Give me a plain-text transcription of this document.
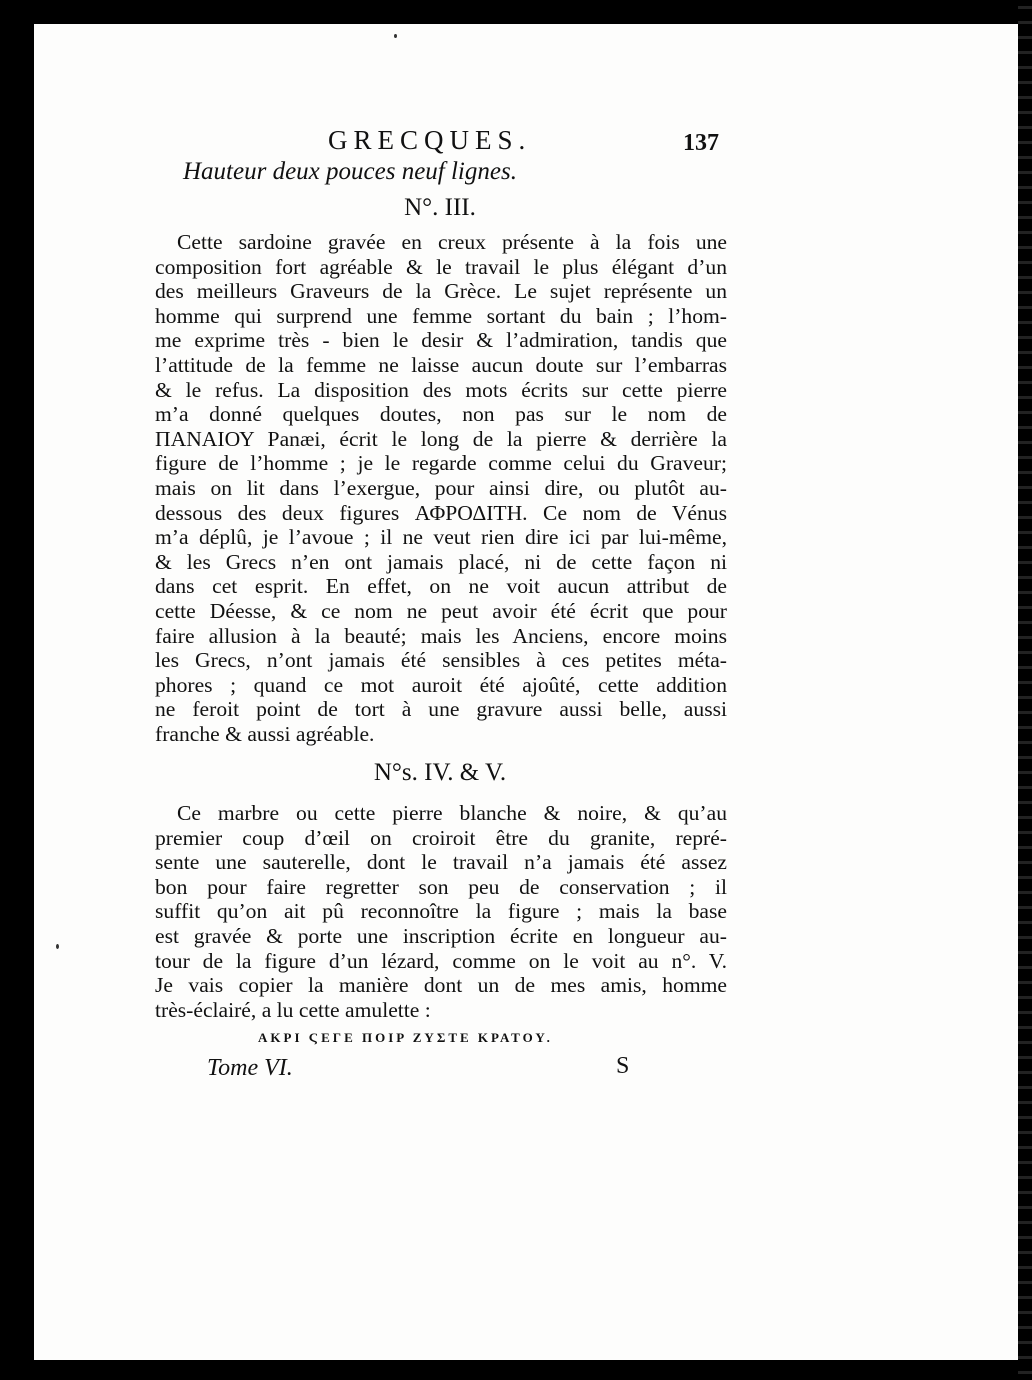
GRECQUES.	137
Hauteur deux pouces neuf lignes.
N°. III.
Cette sardoine gravée en creux présente à la fois une
composition fort agréable & le travail le plus élégant d’un
des meilleurs Graveurs de la Grèce. Le sujet représente un
homme qui surprend une femme sortant du bain ; l’hom-
me exprime très - bien le desir & l’admiration, tandis que
l’attitude de la femme ne laisse aucun doute sur l’embarras
& le refus. La disposition des mots écrits sur cette pierre
m’a donné quelques doutes, non pas sur le nom de
ΠΑΝΑΙΟΥ Panæi, écrit le long de la pierre & derrière la
figure de l’homme ; je le regarde comme celui du Graveur;
mais on lit dans l’exergue, pour ainsi dire, ou plutôt au-
dessous des deux figures ΑΦΡΟΔΙΤΗ. Ce nom de Vénus
m’a déplû, je l’avoue ; il ne veut rien dire ici par lui-même,
& les Grecs n’en ont jamais placé, ni de cette façon ni
dans cet esprit. En effet, on ne voit aucun attribut de
cette Déesse, & ce nom ne peut avoir été écrit que pour
faire allusion à la beauté; mais les Anciens, encore moins
les Grecs, n’ont jamais été sensibles à ces petites méta-
phores ; quand ce mot auroit été ajoûté, cette addition
ne feroit point de tort à une gravure aussi belle, aussi
franche & aussi agréable.
N°s. IV. & V.
Ce marbre ou cette pierre blanche & noire, & qu’au
premier coup d’œil on croiroit être du granite, repré-
sente une sauterelle, dont le travail n’a jamais été assez
bon pour faire regretter son peu de conservation ; il
suffit qu’on ait pû reconnoître la figure ; mais la base
est gravée & porte une inscription écrite en longueur au-
tour de la figure d’un lézard, comme on le voit au n°. V.
Je vais copier la manière dont un de mes amis, homme
très-éclairé, a lu cette amulette :
ΑΚΡΙ ϚΕΓΕ ΠΟΙΡ ΖΥΣΤΕ ΚΡΑΤΟΥ.
Tome VI.	S
